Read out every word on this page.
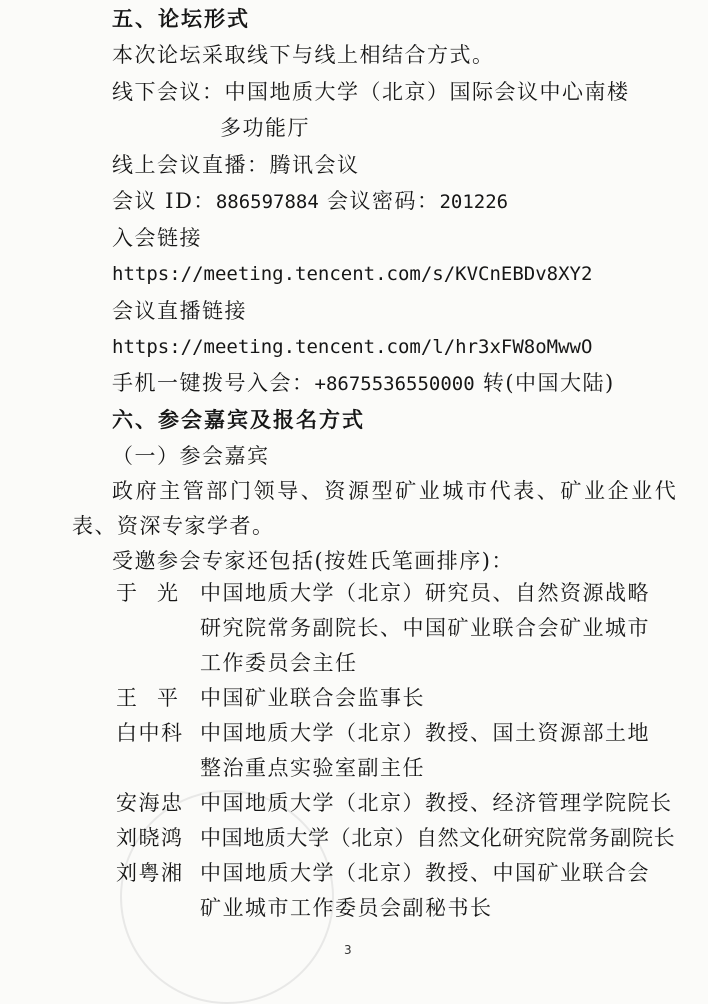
五、论坛形式
本次论坛采取线下与线上相结合方式。
线下会议：中国地质大学（北京）国际会议中心南楼
多功能厅
线上会议直播：腾讯会议
会议 ID：886597884 会议密码：201226
入会链接
https://meeting.tencent.com/s/KVCnEBDv8XY2
会议直播链接
https://meeting.tencent.com/l/hr3xFW8oMwwO
手机一键拨号入会：+8675536550000 转(中国大陆)
六、参会嘉宾及报名方式
（一）参会嘉宾
政府主管部门领导、资源型矿业城市代表、矿业企业代
表、资深专家学者。
受邀参会专家还包括(按姓氏笔画排序)：
于光 中国地质大学（北京）研究员、自然资源战略
研究院常务副院长、中国矿业联合会矿业城市
工作委员会主任
王平 中国矿业联合会监事长
白中科 中国地质大学（北京）教授、国土资源部土地
整治重点实验室副主任
安海忠 中国地质大学（北京）教授、经济管理学院院长
刘晓鸿 中国地质大学（北京）自然文化研究院常务副院长
刘粤湘 中国地质大学（北京）教授、中国矿业联合会
矿业城市工作委员会副秘书长
3
